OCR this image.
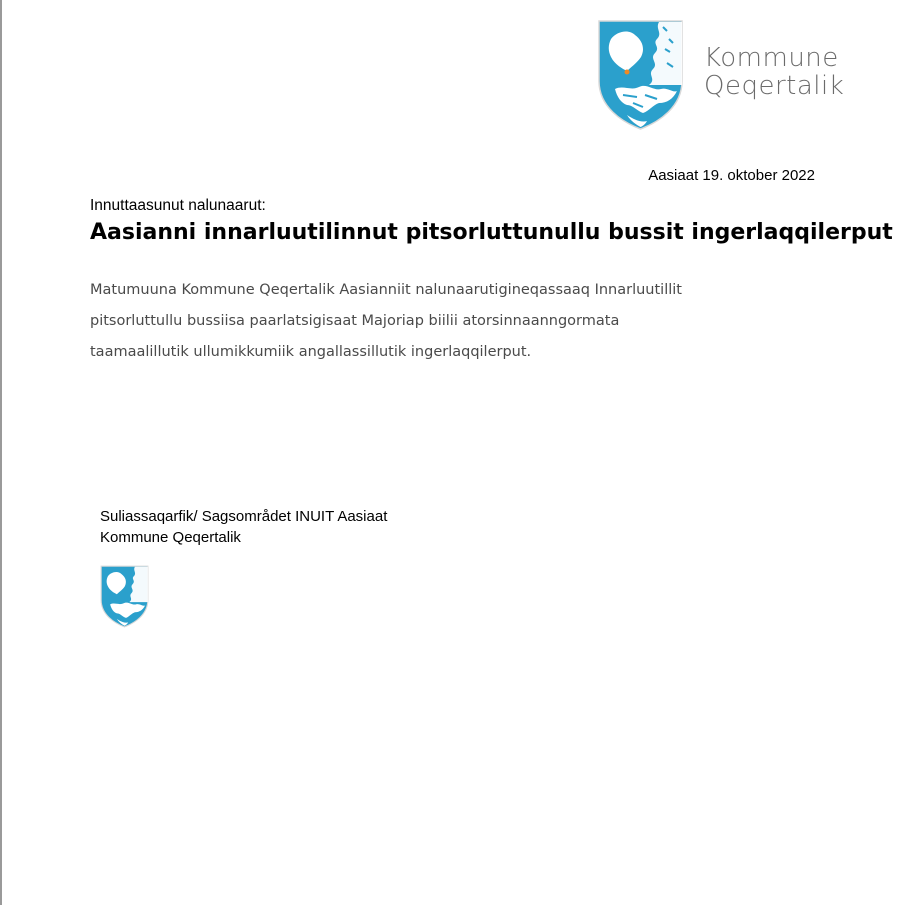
Kommune
Qeqertalik
Aasiaat 19. oktober 2022
Innuttaasunut nalunaarut:
Aasianni innarluutilinnut pitsorluttunullu bussit ingerlaqqilerput

Matumuuna Kommune Qeqertalik Aasianniit nalunaarutigineqassaaq Innarluutillit

pitsorluttullu bussiisa paarlatsigisaat Majoriap biilii atorsinnaanngormata

taamaalillutik ullumikkumiik angallassillutik ingerlaqqilerput.

Suliassaqarfik/ Sagsområdet INUIT Aasiaat
Kommune Qeqertalik
